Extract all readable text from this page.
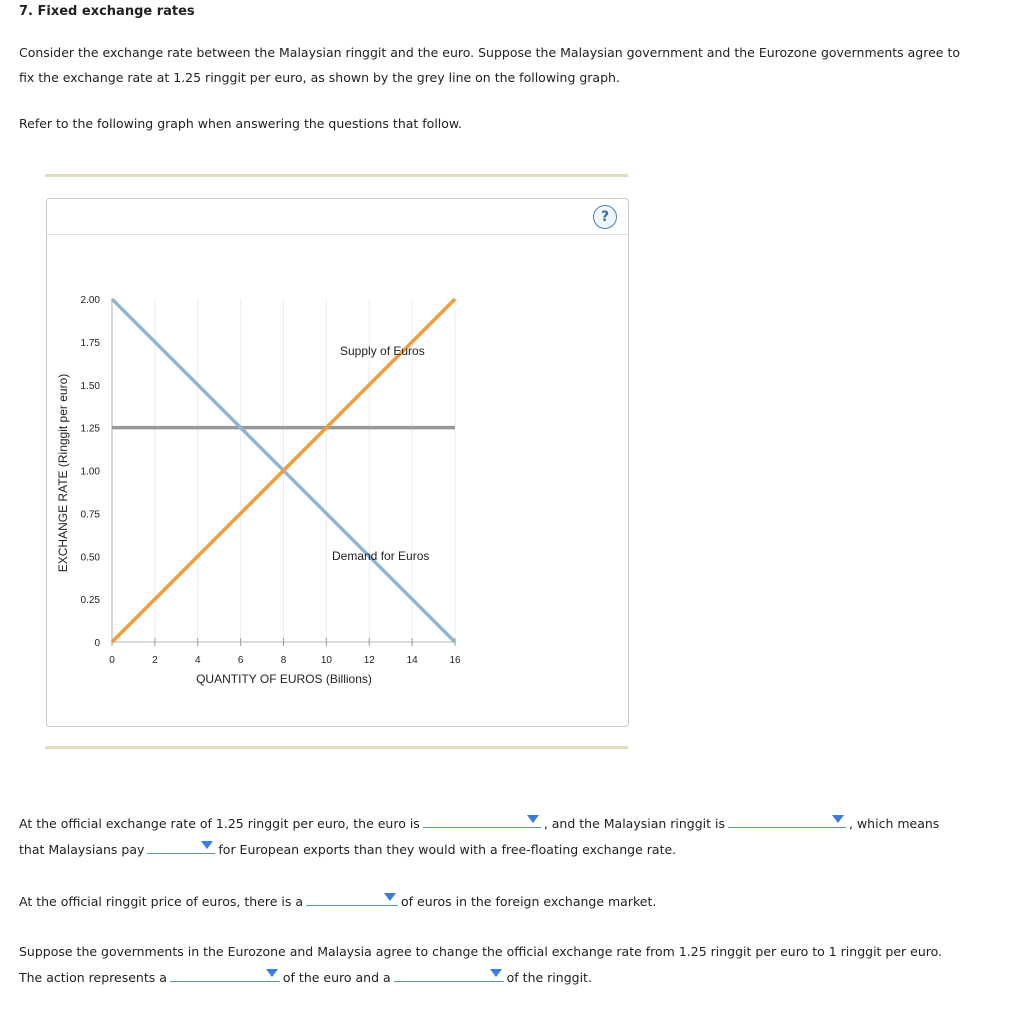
7. Fixed exchange rates
Consider the exchange rate between the Malaysian ringgit and the euro. Suppose the Malaysian government and the Eurozone governments agree to
fix the exchange rate at 1.25 ringgit per euro, as shown by the grey line on the following graph.
Refer to the following graph when answering the questions that follow.
?
0	2	4	6	8	10	12	14	16
2.00
1.75
1.50
1.25
1.00
0.75
0.50
0.25
0
Supply of Euros
Demand for Euros
EXCHANGE RATE (Ringgit per euro)
QUANTITY OF EUROS (Billions)
At the official exchange rate of 1.25 ringgit per euro, the euro is	, and the Malaysian ringgit is	, which means
that Malaysians pay	for European exports than they would with a free-floating exchange rate.
At the official ringgit price of euros, there is a	of euros in the foreign exchange market.
Suppose the governments in the Eurozone and Malaysia agree to change the official exchange rate from 1.25 ringgit per euro to 1 ringgit per euro.
The action represents a	of the euro and a	of the ringgit.
